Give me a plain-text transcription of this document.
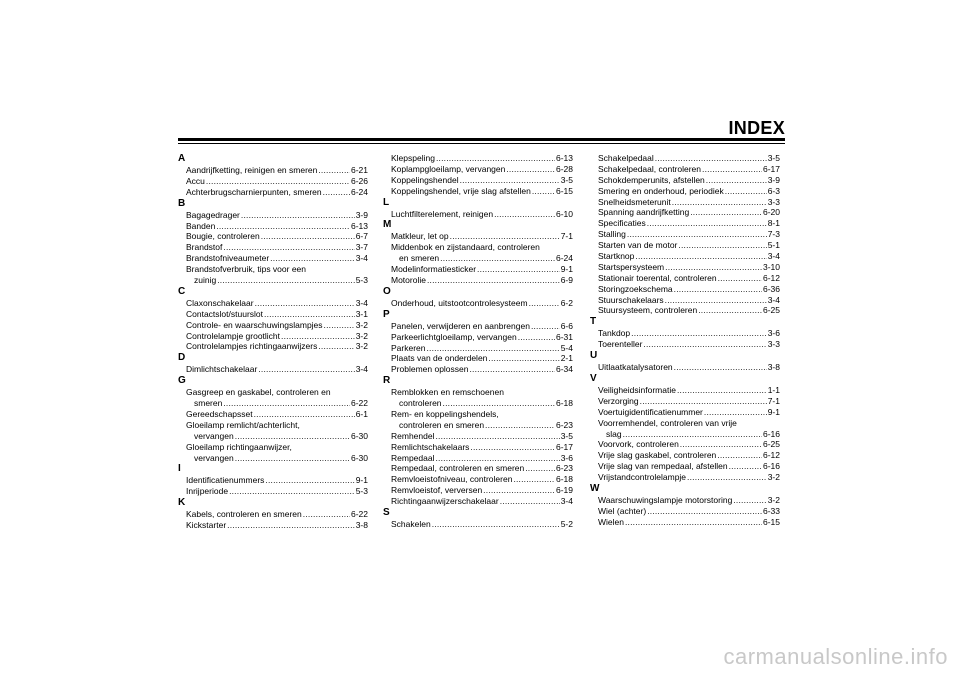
INDEX
A
Aandrijfketting, reinigen en smeren .....	6-21
Accu .....	6-26
Achterbrugscharnierpunten, smeren .....	6-24
B
Bagagedrager .....	3-9
Banden .....	6-13
Bougie, controleren .....	6-7
Brandstof .....	3-7
Brandstofniveaumeter .....	3-4
Brandstofverbruik, tips voor een
zuinig .....	5-3
C
Claxonschakelaar .....	3-4
Contactslot/stuurslot .....	3-1
Controle- en waarschuwingslampjes .....	3-2
Controlelampje grootlicht .....	3-2
Controlelampjes richtingaanwijzers .....	3-2
D
Dimlichtschakelaar .....	3-4
G
Gasgreep en gaskabel, controleren en
smeren .....	6-22
Gereedschapsset .....	6-1
Gloeilamp remlicht/achterlicht,
vervangen .....	6-30
Gloeilamp richtingaanwijzer,
vervangen .....	6-30
I
Identificatienummers .....	9-1
Inrijperiode .....	5-3
K
Kabels, controleren en smeren .....	6-22
Kickstarter .....	3-8
Klepspeling .....	6-13
Koplampgloeilamp, vervangen .....	6-28
Koppelingshendel .....	3-5
Koppelingshendel, vrije slag afstellen .....	6-15
L
Luchtfilterelement, reinigen .....	6-10
M
Matkleur, let op .....	7-1
Middenbok en zijstandaard, controleren
en smeren .....	6-24
Modelinformatiesticker .....	9-1
Motorolie .....	6-9
O
Onderhoud, uitstootcontrolesysteem .....	6-2
P
Panelen, verwijderen en aanbrengen .....	6-6
Parkeerlichtgloeilamp, vervangen .....	6-31
Parkeren .....	5-4
Plaats van de onderdelen .....	2-1
Problemen oplossen .....	6-34
R
Remblokken en remschoenen
controleren .....	6-18
Rem- en koppelingshendels,
controleren en smeren .....	6-23
Remhendel .....	3-5
Remlichtschakelaars .....	6-17
Rempedaal .....	3-6
Rempedaal, controleren en smeren .....	6-23
Remvloeistofniveau, controleren .....	6-18
Remvloeistof, verversen .....	6-19
Richtingaanwijzerschakelaar .....	3-4
S
Schakelen .....	5-2
Schakelpedaal .....	3-5
Schakelpedaal, controleren .....	6-17
Schokdemperunits, afstellen .....	3-9
Smering en onderhoud, periodiek .....	6-3
Snelheidsmeterunit .....	3-3
Spanning aandrijfketting .....	6-20
Specificaties .....	8-1
Stalling .....	7-3
Starten van de motor .....	5-1
Startknop .....	3-4
Startspersysteem .....	3-10
Stationair toerental, controleren .....	6-12
Storingzoekschema .....	6-36
Stuurschakelaars .....	3-4
Stuursysteem, controleren .....	6-25
T
Tankdop .....	3-6
Toerenteller .....	3-3
U
Uitlaatkatalysatoren .....	3-8
V
Veiligheidsinformatie .....	1-1
Verzorging .....	7-1
Voertuigidentificatienummer .....	9-1
Voorremhendel, controleren van vrije
slag .....	6-16
Voorvork, controleren .....	6-25
Vrije slag gaskabel, controleren .....	6-12
Vrije slag van rempedaal, afstellen .....	6-16
Vrijstandcontrolelampje .....	3-2
W
Waarschuwingslampje motorstoring .....	3-2
Wiel (achter) .....	6-33
Wielen .....	6-15
carmanualsonline.info
